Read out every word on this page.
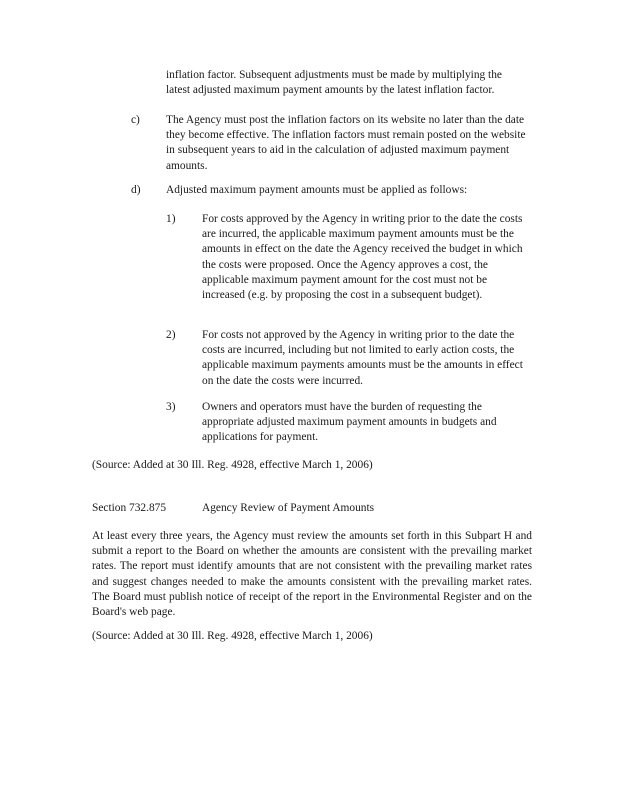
inflation factor. Subsequent adjustments must be made by multiplying the latest adjusted maximum payment amounts by the latest inflation factor.

c) The Agency must post the inflation factors on its website no later than the date they become effective. The inflation factors must remain posted on the website in subsequent years to aid in the calculation of adjusted maximum payment amounts.

d) Adjusted maximum payment amounts must be applied as follows:

1) For costs approved by the Agency in writing prior to the date the costs are incurred, the applicable maximum payment amounts must be the amounts in effect on the date the Agency received the budget in which the costs were proposed. Once the Agency approves a cost, the applicable maximum payment amount for the cost must not be increased (e.g. by proposing the cost in a subsequent budget).

2) For costs not approved by the Agency in writing prior to the date the costs are incurred, including but not limited to early action costs, the applicable maximum payments amounts must be the amounts in effect on the date the costs were incurred.

3) Owners and operators must have the burden of requesting the appropriate adjusted maximum payment amounts in budgets and applications for payment.

(Source: Added at 30 Ill. Reg. 4928, effective March 1, 2006)

Section 732.875	Agency Review of Payment Amounts

At least every three years, the Agency must review the amounts set forth in this Subpart H and submit a report to the Board on whether the amounts are consistent with the prevailing market rates. The report must identify amounts that are not consistent with the prevailing market rates and suggest changes needed to make the amounts consistent with the prevailing market rates. The Board must publish notice of receipt of the report in the Environmental Register and on the Board's web page.

(Source: Added at 30 Ill. Reg. 4928, effective March 1, 2006)
